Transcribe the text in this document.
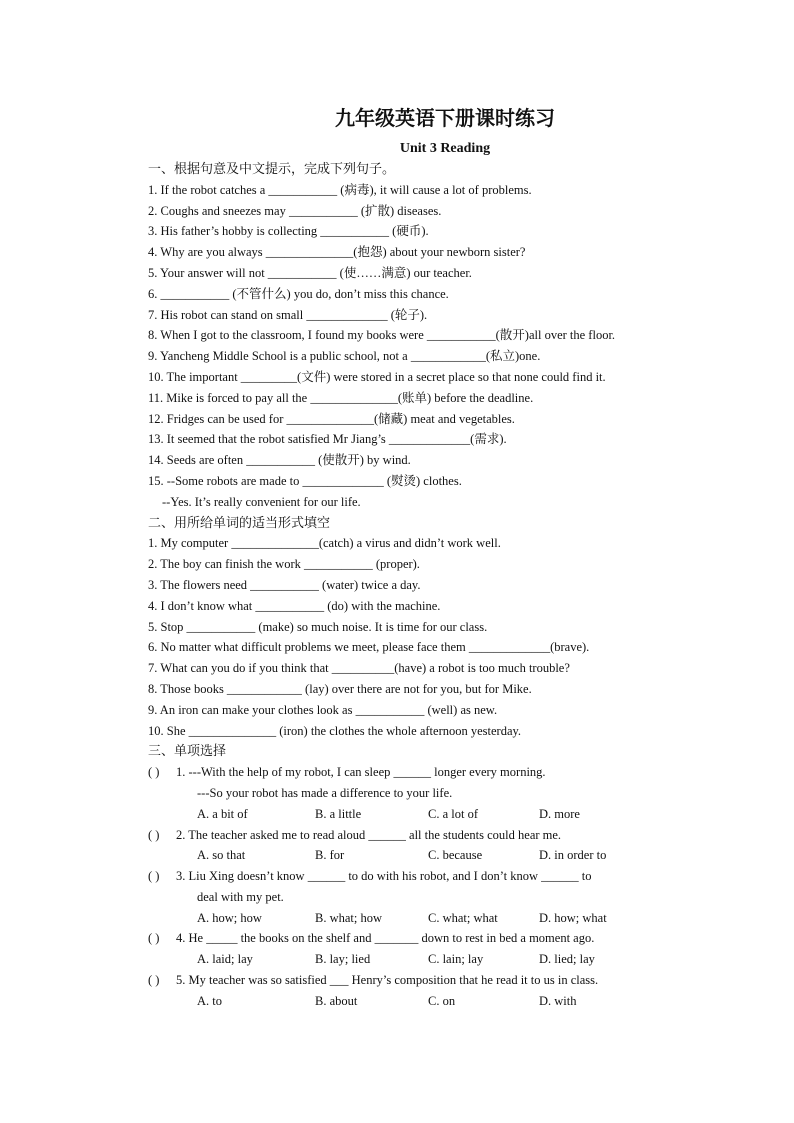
九年级英语下册课时练习
Unit 3 Reading
一、根据句意及中文提示，完成下列句子。
1. If the robot catches a ___________ (病毒), it will cause a lot of problems.
2. Coughs and sneezes may ___________ (扩散) diseases.
3. His father’s hobby is collecting ___________ (硬币).
4. Why are you always ______________(抱怨) about your newborn sister?
5. Your answer will not ___________ (使……满意) our teacher.
6. ___________ (不管什么) you do, don’t miss this chance.
7. His robot can stand on small _____________ (轮子).
8. When I got to the classroom, I found my books were ___________(散开)all over the floor.
9. Yancheng Middle School is a public school, not a ____________(私立)one.
10. The important _________(文件) were stored in a secret place so that none could find it.
11. Mike is forced to pay all the ______________(账单) before the deadline.
12. Fridges can be used for ______________(储藏) meat and vegetables.
13. It seemed that the robot satisfied Mr Jiang’s _____________(需求).
14. Seeds are often ___________ (使散开) by wind.
15. --Some robots are made to _____________ (熨烫) clothes.
--Yes. It’s really convenient for our life.
二、用所给单词的适当形式填空
1. My computer ______________(catch) a virus and didn’t work well.
2. The boy can finish the work ___________ (proper).
3. The flowers need ___________ (water) twice a day.
4. I don’t know what ___________ (do) with the machine.
5. Stop ___________ (make) so much noise. It is time for our class.
6. No matter what difficult problems we meet, please face them _____________(brave).
7. What can you do if you think that __________(have) a robot is too much trouble?
8. Those books ____________ (lay) over there are not for you, but for Mike.
9. An iron can make your clothes look as ___________ (well) as new.
10. She ______________ (iron) the clothes the whole afternoon yesterday.
三、单项选择
( ) 1. ---With the help of my robot, I can sleep ______ longer every morning.
---So your robot has made a difference to your life.
A. a bit of	B. a little	C. a lot of	D. more
( ) 2. The teacher asked me to read aloud ______ all the students could hear me.
A. so that	B. for	C. because	D. in order to
( ) 3. Liu Xing doesn’t know ______ to do with his robot, and I don’t know ______ to
deal with my pet.
A. how; how	B. what; how	C. what; what	D. how; what
( ) 4. He _____ the books on the shelf and _______ down to rest in bed a moment ago.
A. laid; lay	B. lay; lied	C. lain; lay	D. lied; lay
( ) 5. My teacher was so satisfied ___ Henry’s composition that he read it to us in class.
A. to	B. about	C. on	D. with
